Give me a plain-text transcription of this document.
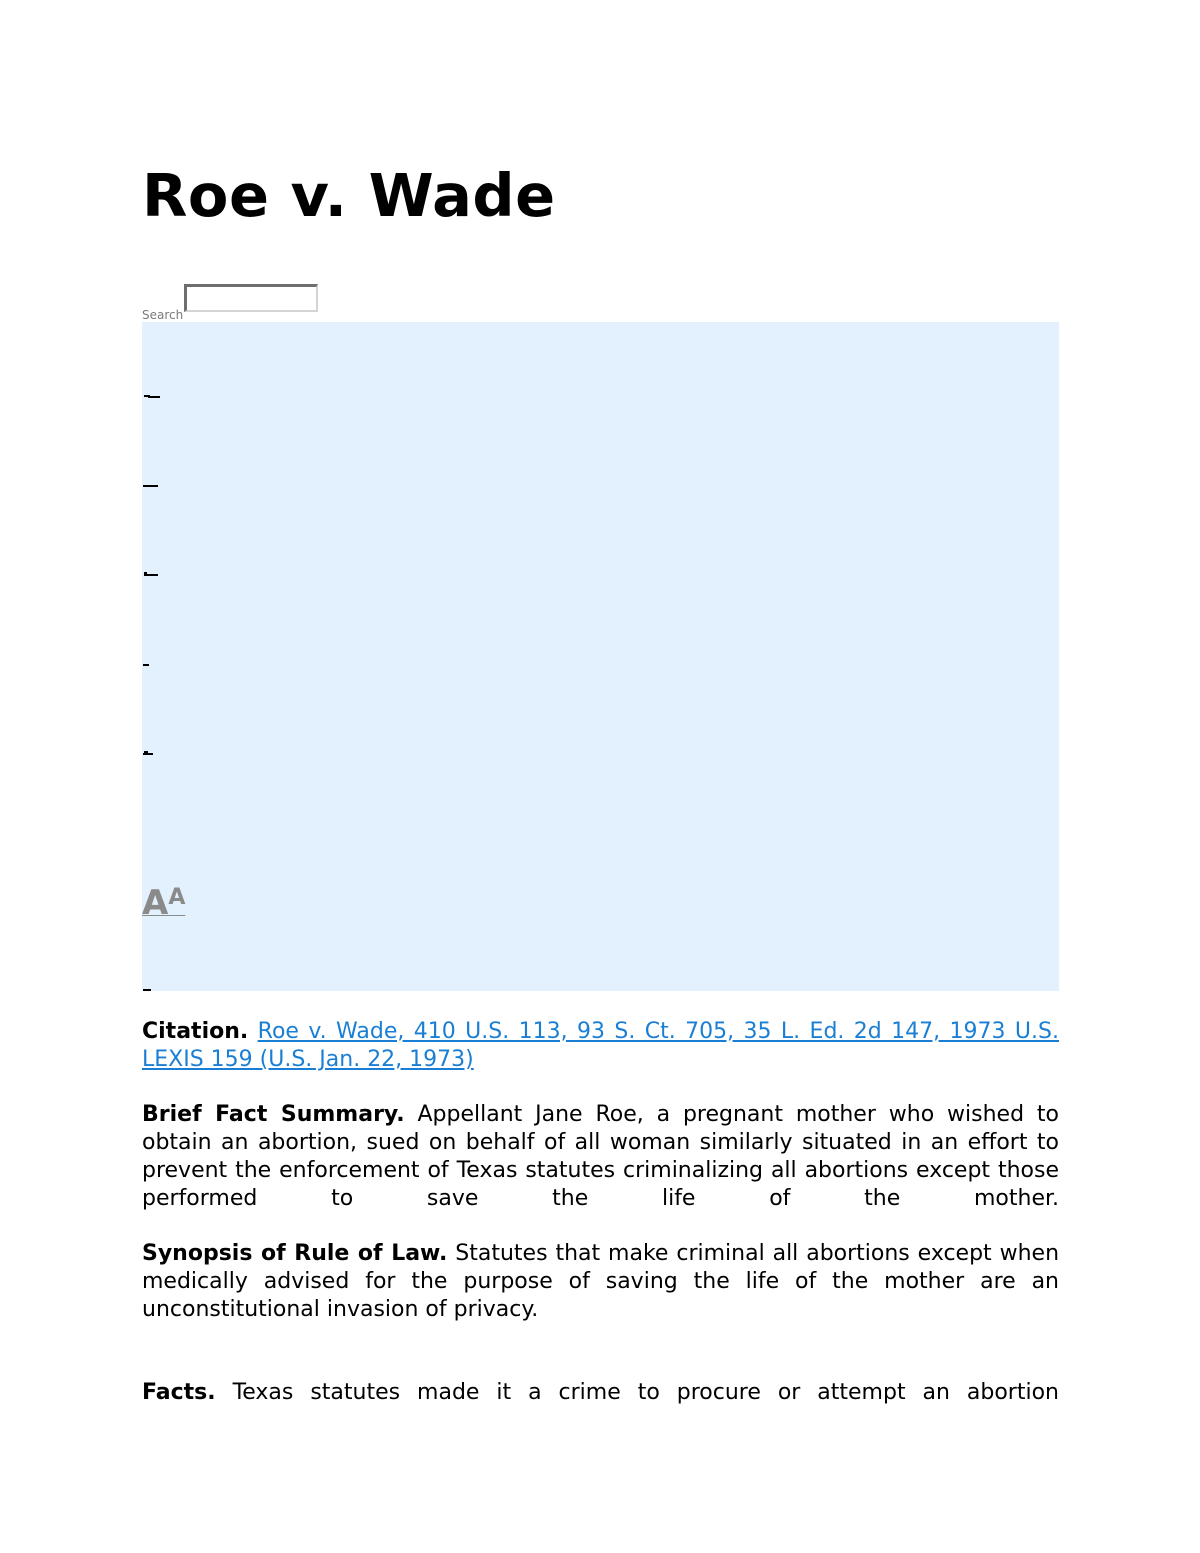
Roe v. Wade
Search
AA

Citation. Roe v. Wade, 410 U.S. 113, 93 S. Ct. 705, 35 L. Ed. 2d 147, 1973 U.S. LEXIS 159 (U.S. Jan. 22, 1973)

Brief Fact Summary. Appellant Jane Roe, a pregnant mother who wished to obtain an abortion, sued on behalf of all woman similarly situated in an effort to prevent the enforcement of Texas statutes criminalizing all abortions except those performed to save the life of the mother.

Synopsis of Rule of Law. Statutes that make criminal all abortions except when medically advised for the purpose of saving the life of the mother are an unconstitutional invasion of privacy.

Facts. Texas statutes made it a crime to procure or attempt an abortion
